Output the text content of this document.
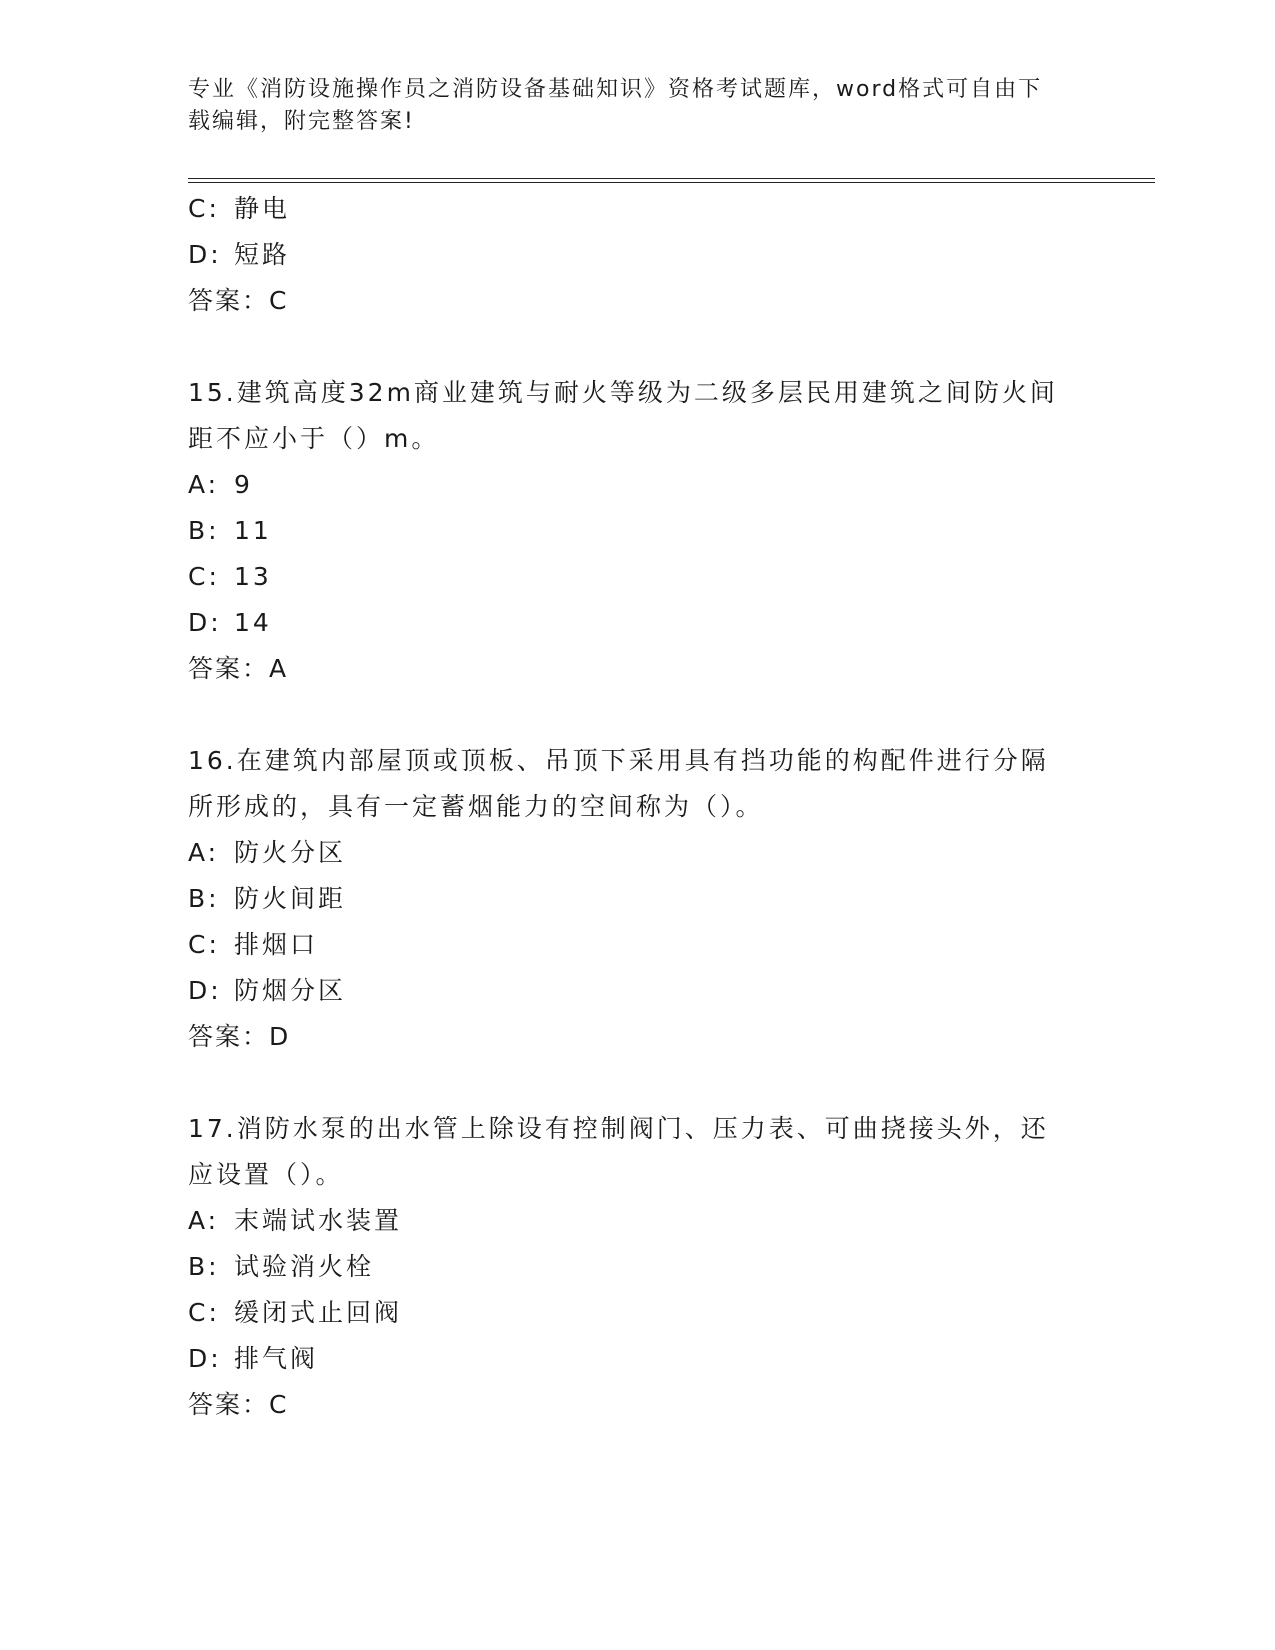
专业《消防设施操作员之消防设备基础知识》资格考试题库，word格式可自由下
载编辑，附完整答案!
C: 静电
D: 短路
答案：C
15.建筑高度32m商业建筑与耐火等级为二级多层民用建筑之间防火间
距不应小于（）m。
A: 9
B: 11
C: 13
D: 14
答案：A
16.在建筑内部屋顶或顶板、吊顶下采用具有挡功能的构配件进行分隔
所形成的，具有一定蓄烟能力的空间称为（）。
A: 防火分区
B: 防火间距
C: 排烟口
D: 防烟分区
答案：D
17.消防水泵的出水管上除设有控制阀门、压力表、可曲挠接头外，还
应设置（）。
A: 末端试水装置
B: 试验消火栓
C: 缓闭式止回阀
D: 排气阀
答案：C
